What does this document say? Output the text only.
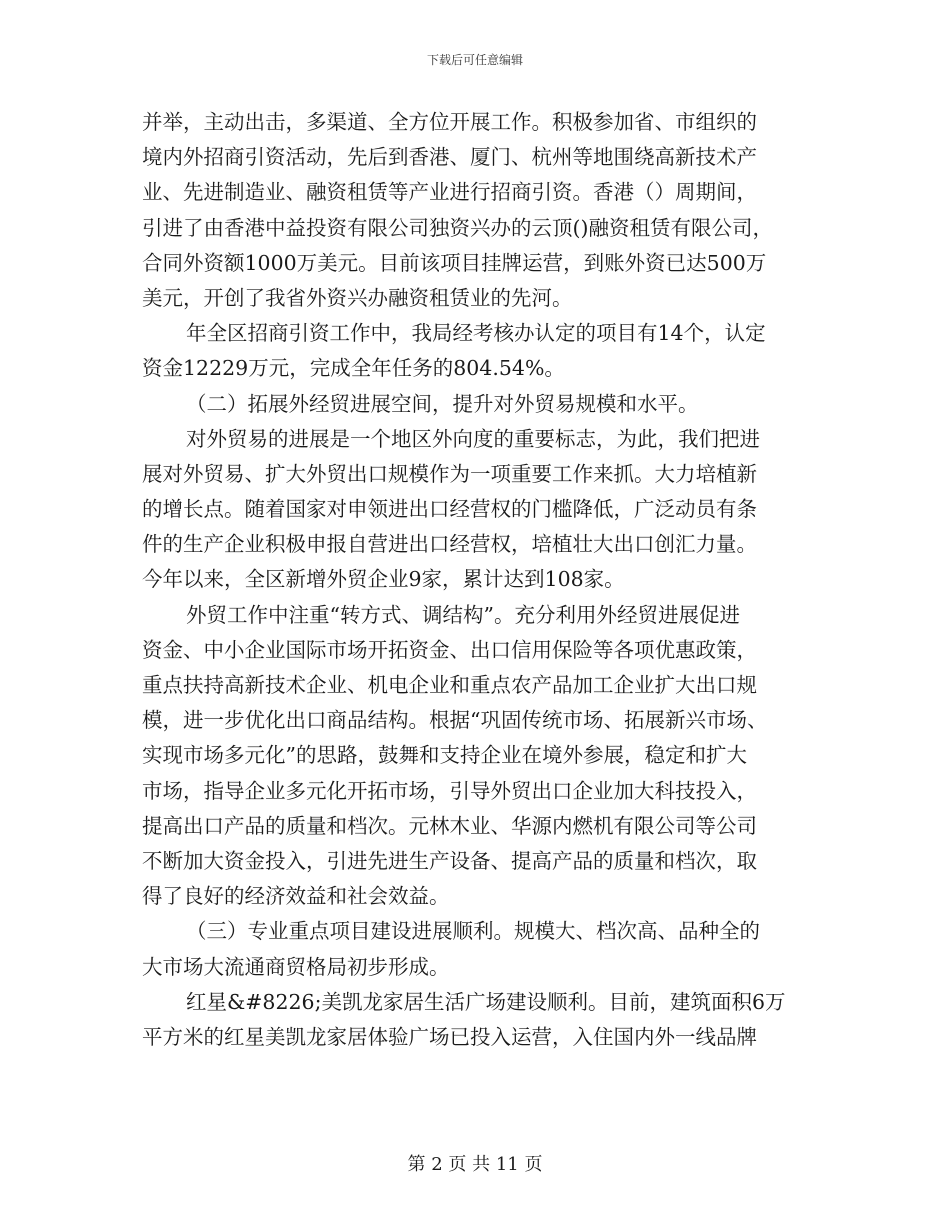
下载后可任意编辑
并举，主动出击，多渠道、全方位开展工作。积极参加省、市组织的
境内外招商引资活动，先后到香港、厦门、杭州等地围绕高新技术产
业、先进制造业、融资租赁等产业进行招商引资。香港（）周期间，
引进了由香港中益投资有限公司独资兴办的云顶()融资租赁有限公司，
合同外资额1000万美元。目前该项目挂牌运营，到账外资已达500万
美元，开创了我省外资兴办融资租赁业的先河。
年全区招商引资工作中，我局经考核办认定的项目有14个，认定
资金12229万元，完成全年任务的804.54%。
（二）拓展外经贸进展空间，提升对外贸易规模和水平。
对外贸易的进展是一个地区外向度的重要标志，为此，我们把进
展对外贸易、扩大外贸出口规模作为一项重要工作来抓。大力培植新
的增长点。随着国家对申领进出口经营权的门槛降低，广泛动员有条
件的生产企业积极申报自营进出口经营权，培植壮大出口创汇力量。
今年以来，全区新增外贸企业9家，累计达到108家。
外贸工作中注重“转方式、调结构”。充分利用外经贸进展促进
资金、中小企业国际市场开拓资金、出口信用保险等各项优惠政策，
重点扶持高新技术企业、机电企业和重点农产品加工企业扩大出口规
模，进一步优化出口商品结构。根据“巩固传统市场、拓展新兴市场、
实现市场多元化”的思路，鼓舞和支持企业在境外参展，稳定和扩大
市场，指导企业多元化开拓市场，引导外贸出口企业加大科技投入，
提高出口产品的质量和档次。元林木业、华源内燃机有限公司等公司
不断加大资金投入，引进先进生产设备、提高产品的质量和档次，取
得了良好的经济效益和社会效益。
（三）专业重点项目建设进展顺利。规模大、档次高、品种全的
大市场大流通商贸格局初步形成。
红星&#8226;美凯龙家居生活广场建设顺利。目前，建筑面积6万
平方米的红星美凯龙家居体验广场已投入运营，入住国内外一线品牌
第 2 页 共 11 页
